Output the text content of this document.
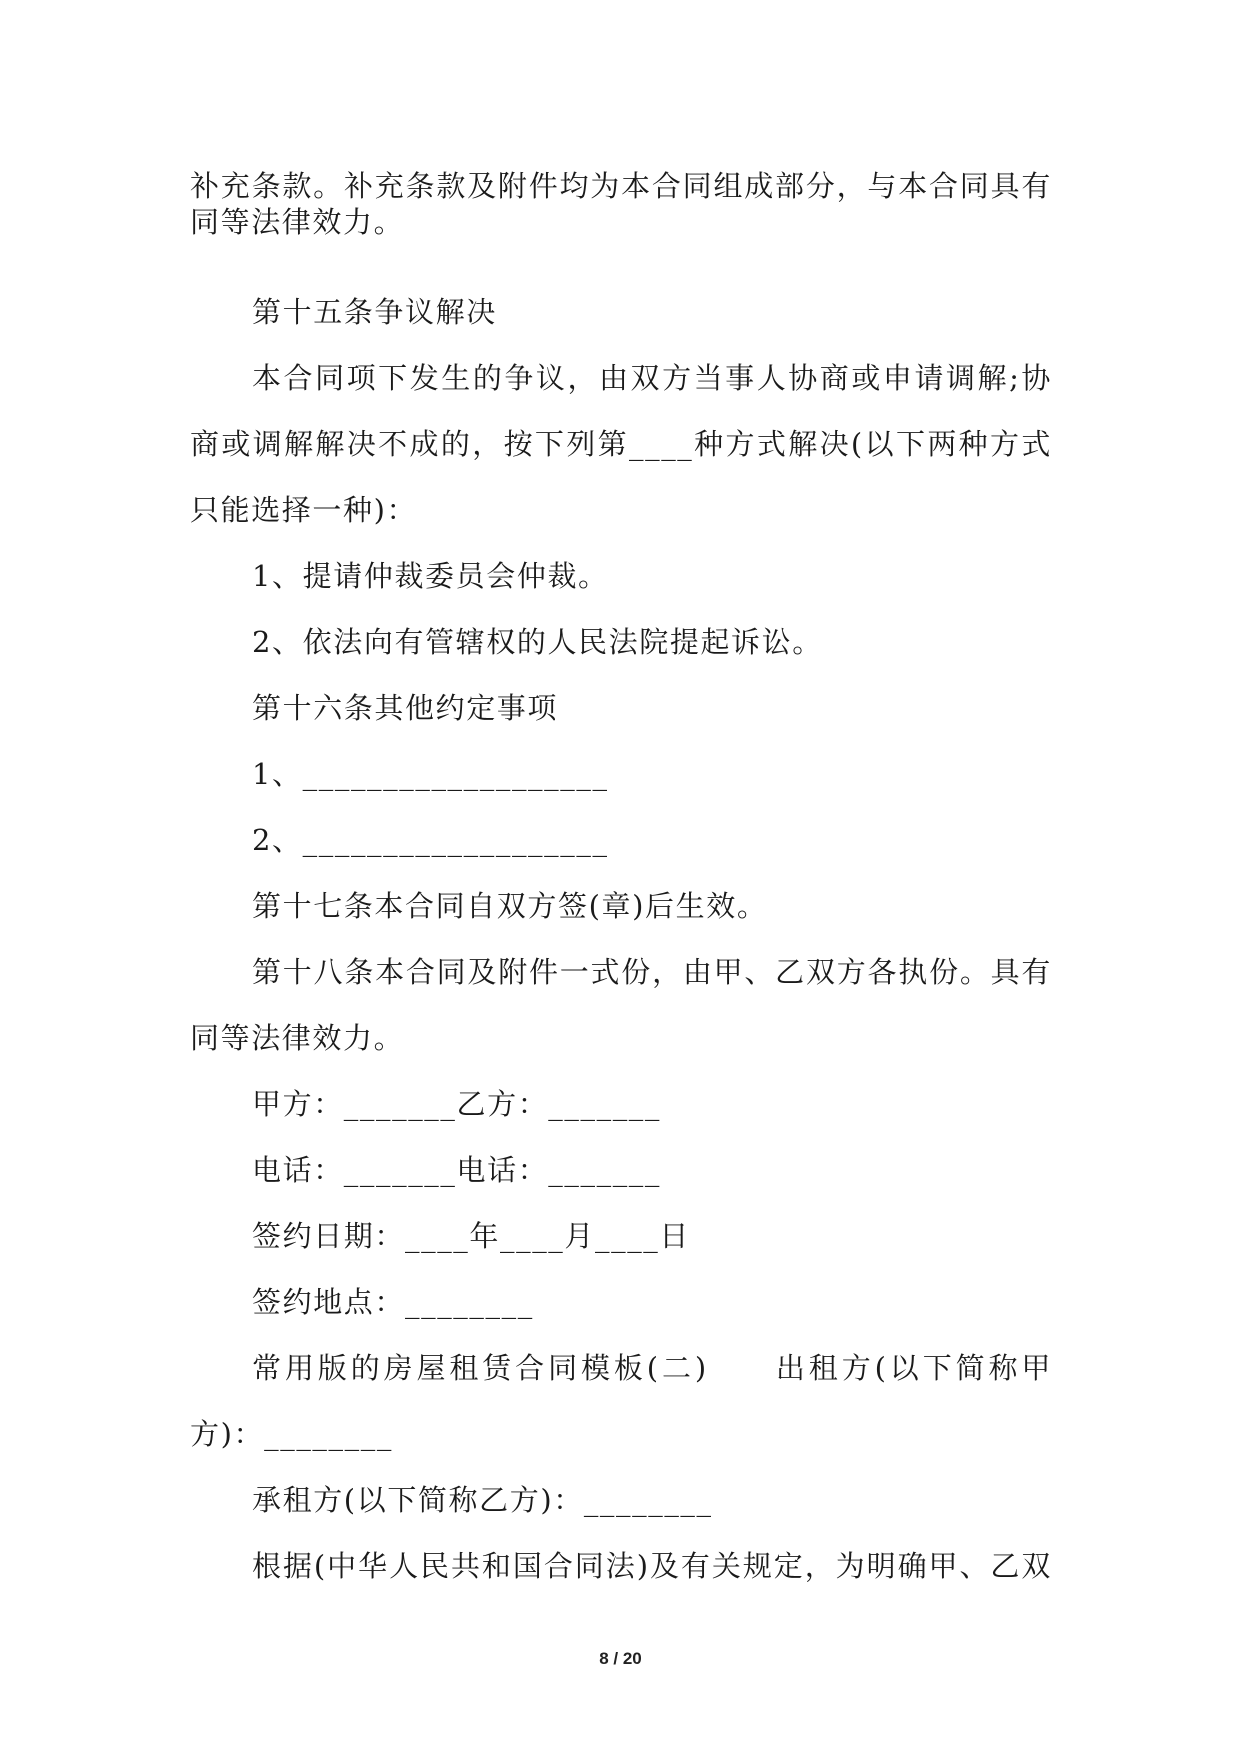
补充条款。补充条款及附件均为本合同组成部分，与本合同具有
同等法律效力。
第十五条争议解决
本合同项下发生的争议，由双方当事人协商或申请调解;协
商或调解解决不成的，按下列第____种方式解决(以下两种方式
只能选择一种)：
1、提请仲裁委员会仲裁。
2、依法向有管辖权的人民法院提起诉讼。
第十六条其他约定事项
1、___________________
2、___________________
第十七条本合同自双方签(章)后生效。
第十八条本合同及附件一式份，由甲、乙双方各执份。具有
同等法律效力。
甲方：_______乙方：_______
电话：_______电话：_______
签约日期：____年____月____日
签约地点：________
常用版的房屋租赁合同模板(二)　　出租方(以下简称甲
方)：________
承租方(以下简称乙方)：________
根据(中华人民共和国合同法)及有关规定，为明确甲、乙双
8 / 20
